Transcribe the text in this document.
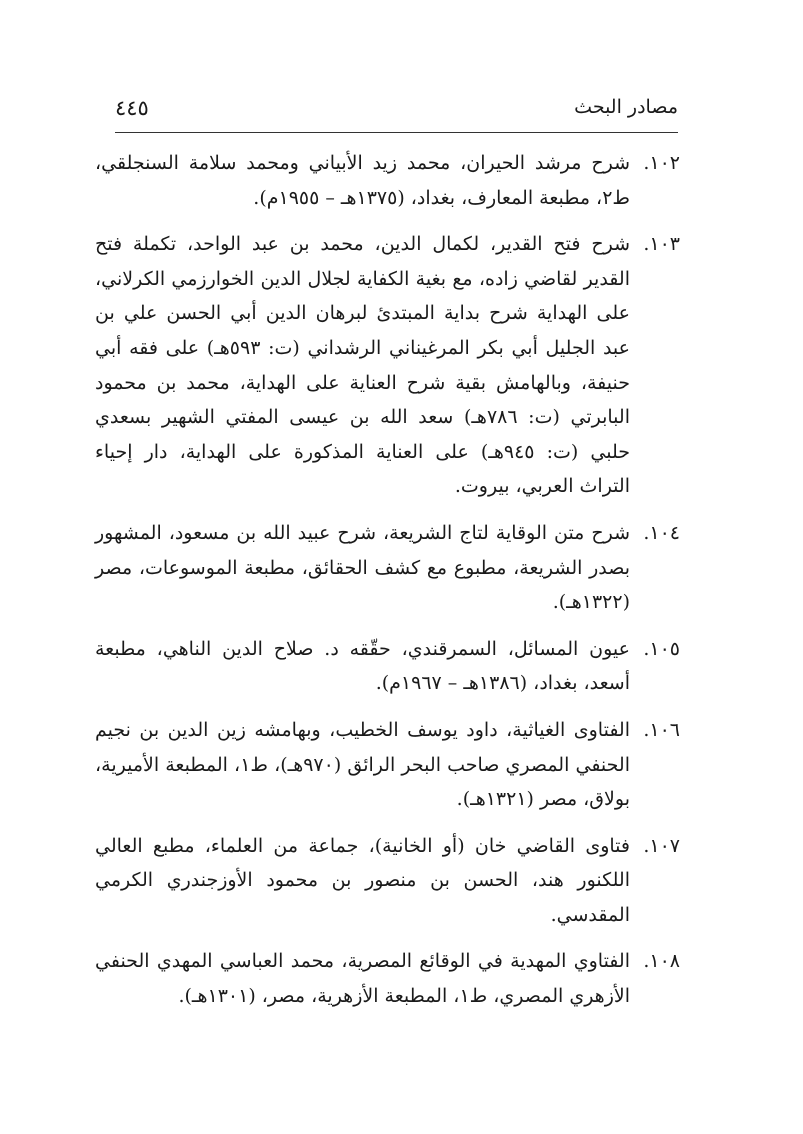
مصادر البحث
٤٤٥
١٠٢.
شرح مرشد الحيران، محمد زيد الأبياني ومحمد سلامة السنجلقي، ط٢، مطبعة المعارف، بغداد، (١٣٧٥هـ – ١٩٥٥م).
١٠٣.
شرح فتح القدير، لكمال الدين، محمد بن عبد الواحد، تكملة فتح القدير لقاضي زاده، مع بغية الكفاية لجلال الدين الخوارزمي الكرلاني، على الهداية شرح بداية المبتدئ لبرهان الدين أبي الحسن علي بن عبد الجليل أبي بكر المرغيناني الرشداني (ت: ٥٩٣هـ) على فقه أبي حنيفة، وبالهامش بقية شرح العناية على الهداية، محمد بن محمود البابرتي (ت: ٧٨٦هـ) سعد الله بن عيسى المفتي الشهير بسعدي حلبي (ت: ٩٤٥هـ) على العناية المذكورة على الهداية، دار إحياء التراث العربي، بيروت.
١٠٤.
شرح متن الوقاية لتاج الشريعة، شرح عبيد الله بن مسعود، المشهور بصدر الشريعة، مطبوع مع كشف الحقائق، مطبعة الموسوعات، مصر (١٣٢٢هـ).
١٠٥.
عيون المسائل، السمرقندي، حقّقه د. صلاح الدين الناهي، مطبعة أسعد، بغداد، (١٣٨٦هـ – ١٩٦٧م).
١٠٦.
الفتاوى الغياثية، داود يوسف الخطيب، وبهامشه زين الدين بن نجيم الحنفي المصري صاحب البحر الرائق (٩٧٠هـ)، ط١، المطبعة الأميرية، بولاق، مصر (١٣٢١هـ).
١٠٧.
فتاوى القاضي خان (أو الخانية)، جماعة من العلماء، مطبع العالي اللكنور هند، الحسن بن منصور بن محمود الأوزجندري الكرمي المقدسي.
١٠٨.
الفتاوي المهدية في الوقائع المصرية، محمد العباسي المهدي الحنفي الأزهري المصري، ط١، المطبعة الأزهرية، مصر، (١٣٠١هـ).
